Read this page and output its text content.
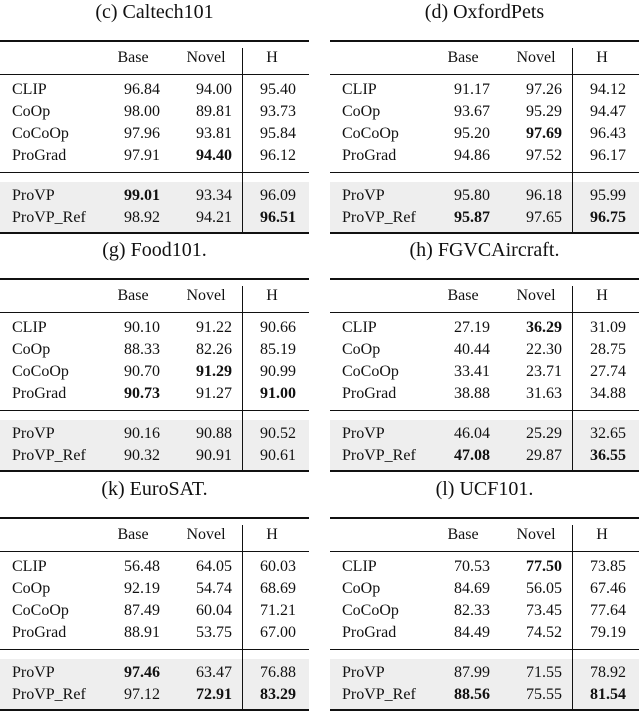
(c) Caltech101
Base	Novel	H
CLIP	96.84	94.00	95.40
CoOp	98.00	89.81	93.73
CoCoOp	97.96	93.81	95.84
ProGrad	97.91	94.40	96.12
ProVP	99.01	93.34	96.09
ProVP_Ref	98.92	94.21	96.51
(d) OxfordPets
Base	Novel	H
CLIP	91.17	97.26	94.12
CoOp	93.67	95.29	94.47
CoCoOp	95.20	97.69	96.43
ProGrad	94.86	97.52	96.17
ProVP	95.80	96.18	95.99
ProVP_Ref	95.87	97.65	96.75
(g) Food101.
Base	Novel	H
CLIP	90.10	91.22	90.66
CoOp	88.33	82.26	85.19
CoCoOp	90.70	91.29	90.99
ProGrad	90.73	91.27	91.00
ProVP	90.16	90.88	90.52
ProVP_Ref	90.32	90.91	90.61
(h) FGVCAircraft.
Base	Novel	H
CLIP	27.19	36.29	31.09
CoOp	40.44	22.30	28.75
CoCoOp	33.41	23.71	27.74
ProGrad	38.88	31.63	34.88
ProVP	46.04	25.29	32.65
ProVP_Ref	47.08	29.87	36.55
(k) EuroSAT.
Base	Novel	H
CLIP	56.48	64.05	60.03
CoOp	92.19	54.74	68.69
CoCoOp	87.49	60.04	71.21
ProGrad	88.91	53.75	67.00
ProVP	97.46	63.47	76.88
ProVP_Ref	97.12	72.91	83.29
(l) UCF101.
Base	Novel	H
CLIP	70.53	77.50	73.85
CoOp	84.69	56.05	67.46
CoCoOp	82.33	73.45	77.64
ProGrad	84.49	74.52	79.19
ProVP	87.99	71.55	78.92
ProVP_Ref	88.56	75.55	81.54
